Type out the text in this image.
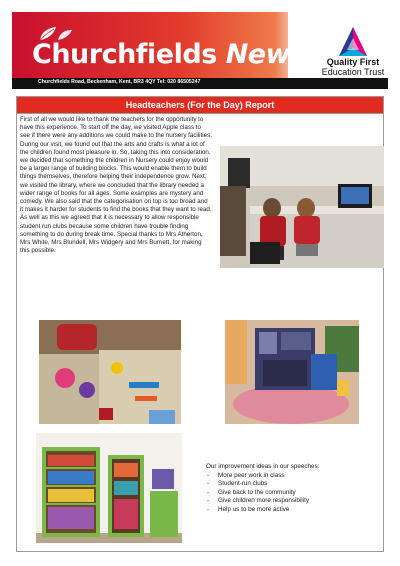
Churchfields News	Quality First
Education Trust
Churchfields Road, Beckenham, Kent, BR3 4QY Tel: 020 86505247
Headteachers (For the Day) Report

First of all we would like to thank the teachers for the opportunity to have this experience. To start off the day, we visited Apple class to see if there were any additions we could make to the nursery facilities. During our visit, we found out that the arts and crafts is what a lot of the children found most pleasure in. So, taking this into consideration, we decided that something the children in Nursery could enjoy would be a larger range of building blocks. This would enable them to build things themselves, therefore helping their independence grow. Next, we visited the library, where we concluded that the library needed a wider range of books for all ages. Some examples are mystery and comedy. We also said that the categorisation on top is too broad and it makes it harder for students to find the books that they want to read. As well as this we agreed that it is necessary to allow responsible student run clubs because some children have trouble finding something to do during break time. Special thanks to Mrs Atherton, Mrs White, Mrs Blundell, Mrs Widgery and Mrs Burnett, for making this possible.

Our improvement ideas in our speeches:

- More peer work in class
- Student-run clubs
- Give back to the community
- Give children more responsibility
- Help us to be more active
